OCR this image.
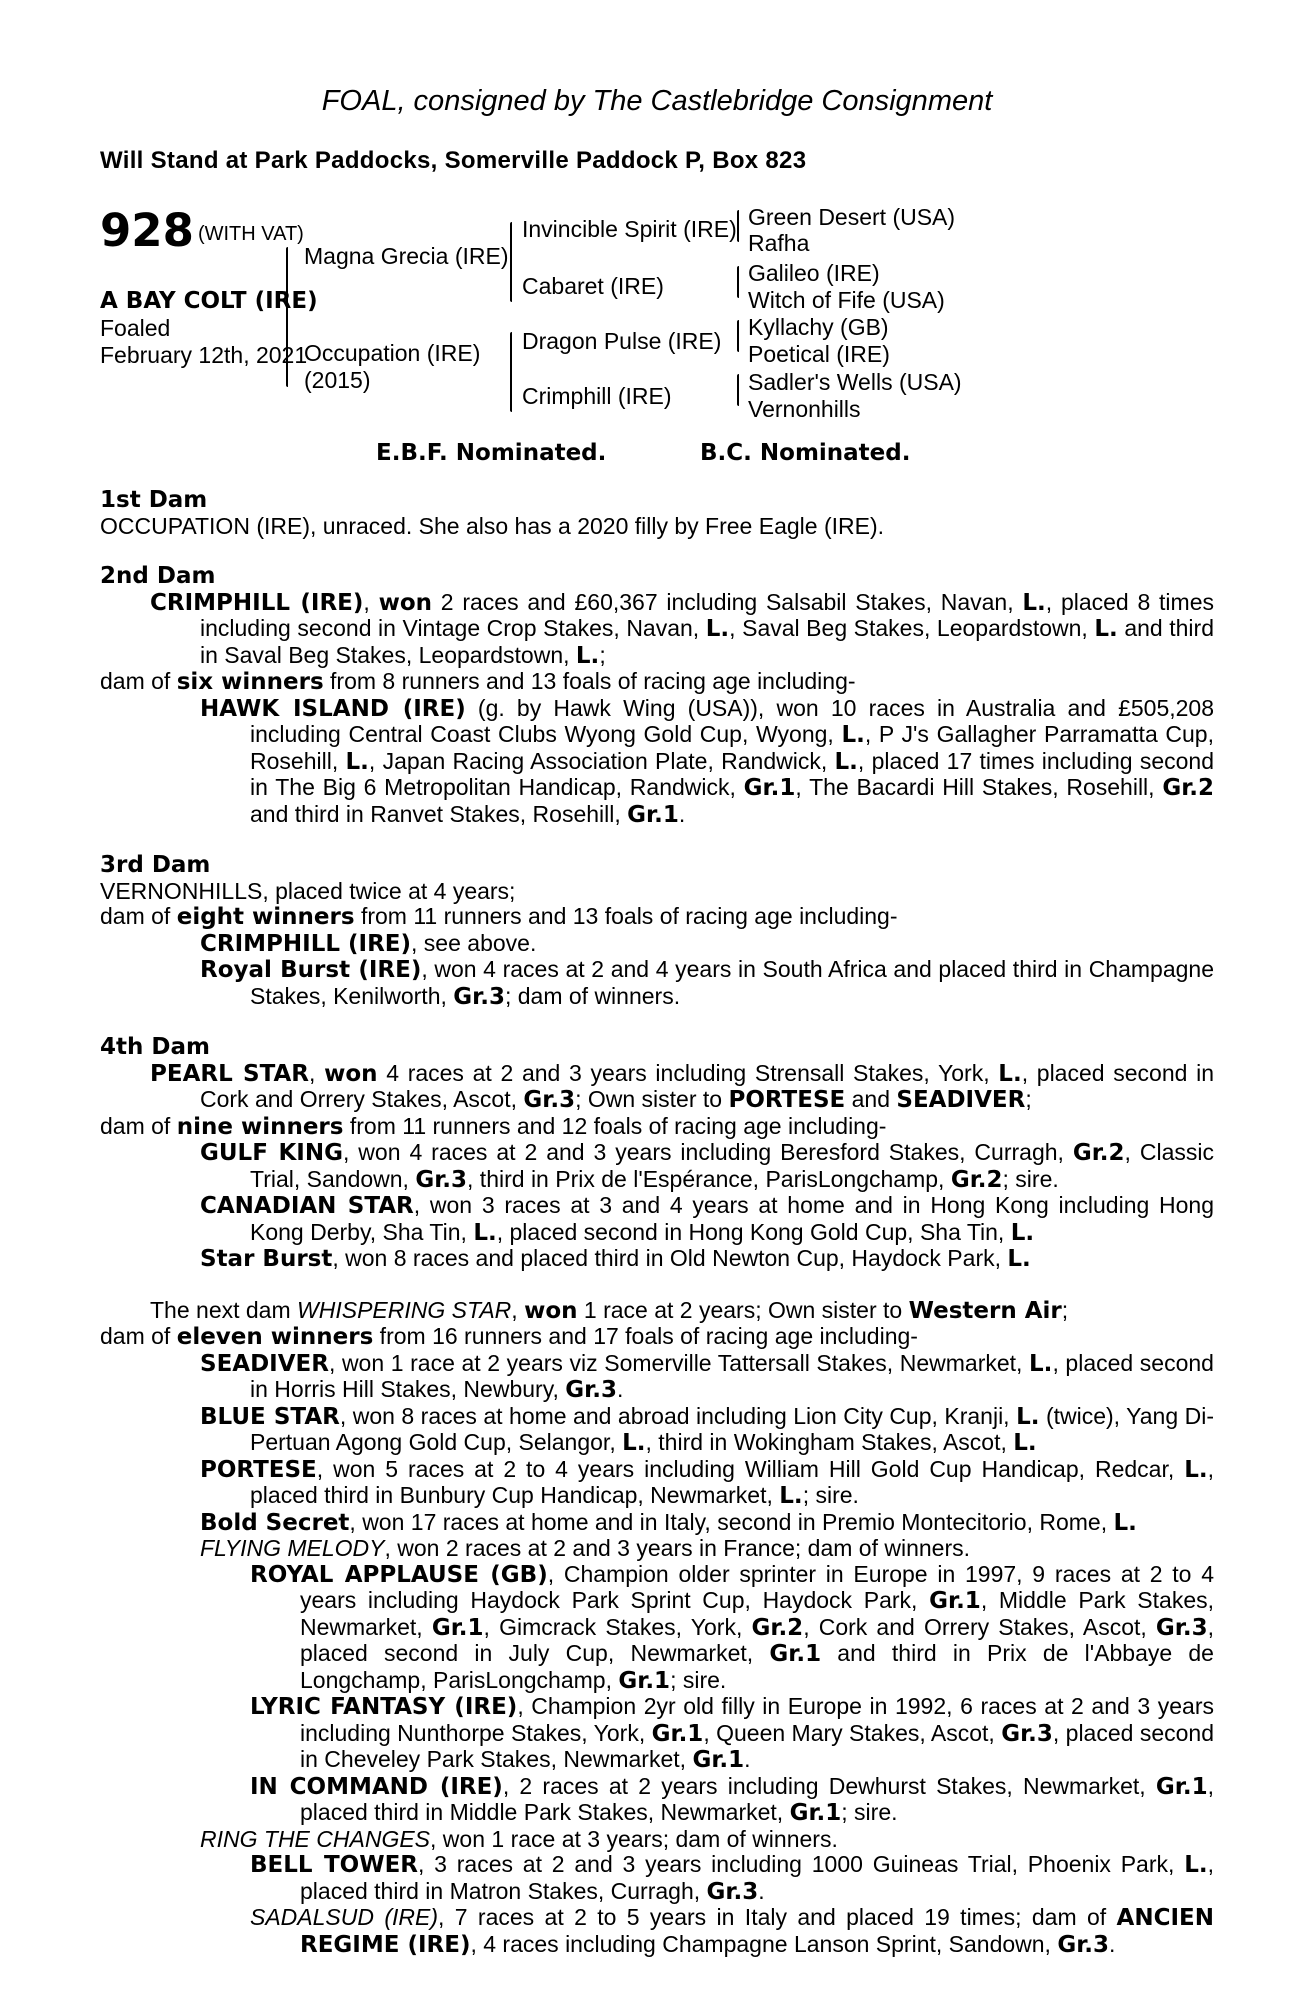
FOAL, consigned by The Castlebridge Consignment
Will Stand at Park Paddocks, Somerville Paddock P, Box 823
928 (WITH VAT)
A BAY COLT (IRE)
Foaled
February 12th, 2021
Magna Grecia (IRE)
Occupation (IRE)
(2015)
Invincible Spirit (IRE)
Cabaret (IRE)
Dragon Pulse (IRE)
Crimphill (IRE)
Green Desert (USA)
Rafha
Galileo (IRE)
Witch of Fife (USA)
Kyllachy (GB)
Poetical (IRE)
Sadler's Wells (USA)
Vernonhills
E.B.F. Nominated.	B.C. Nominated.
1st Dam
OCCUPATION (IRE), unraced. She also has a 2020 filly by Free Eagle (IRE).
2nd Dam
CRIMPHILL (IRE), won 2 races and £60,367 including Salsabil Stakes, Navan, L., placed 8 times including second in Vintage Crop Stakes, Navan, L., Saval Beg Stakes, Leopardstown, L. and third in Saval Beg Stakes, Leopardstown, L.;
dam of six winners from 8 runners and 13 foals of racing age including-
HAWK ISLAND (IRE) (g. by Hawk Wing (USA)), won 10 races in Australia and £505,208 including Central Coast Clubs Wyong Gold Cup, Wyong, L., P J's Gallagher Parramatta Cup, Rosehill, L., Japan Racing Association Plate, Randwick, L., placed 17 times including second in The Big 6 Metropolitan Handicap, Randwick, Gr.1, The Bacardi Hill Stakes, Rosehill, Gr.2 and third in Ranvet Stakes, Rosehill, Gr.1.
3rd Dam
VERNONHILLS, placed twice at 4 years;
dam of eight winners from 11 runners and 13 foals of racing age including-
CRIMPHILL (IRE), see above.
Royal Burst (IRE), won 4 races at 2 and 4 years in South Africa and placed third in Champagne Stakes, Kenilworth, Gr.3; dam of winners.
4th Dam
PEARL STAR, won 4 races at 2 and 3 years including Strensall Stakes, York, L., placed second in Cork and Orrery Stakes, Ascot, Gr.3; Own sister to PORTESE and SEADIVER;
dam of nine winners from 11 runners and 12 foals of racing age including-
GULF KING, won 4 races at 2 and 3 years including Beresford Stakes, Curragh, Gr.2, Classic Trial, Sandown, Gr.3, third in Prix de l'Espérance, ParisLongchamp, Gr.2; sire.
CANADIAN STAR, won 3 races at 3 and 4 years at home and in Hong Kong including Hong Kong Derby, Sha Tin, L., placed second in Hong Kong Gold Cup, Sha Tin, L.
Star Burst, won 8 races and placed third in Old Newton Cup, Haydock Park, L.
The next dam WHISPERING STAR, won 1 race at 2 years; Own sister to Western Air;
dam of eleven winners from 16 runners and 17 foals of racing age including-
SEADIVER, won 1 race at 2 years viz Somerville Tattersall Stakes, Newmarket, L., placed second in Horris Hill Stakes, Newbury, Gr.3.
BLUE STAR, won 8 races at home and abroad including Lion City Cup, Kranji, L. (twice), Yang Di-Pertuan Agong Gold Cup, Selangor, L., third in Wokingham Stakes, Ascot, L.
PORTESE, won 5 races at 2 to 4 years including William Hill Gold Cup Handicap, Redcar, L., placed third in Bunbury Cup Handicap, Newmarket, L.; sire.
Bold Secret, won 17 races at home and in Italy, second in Premio Montecitorio, Rome, L.
FLYING MELODY, won 2 races at 2 and 3 years in France; dam of winners.
ROYAL APPLAUSE (GB), Champion older sprinter in Europe in 1997, 9 races at 2 to 4 years including Haydock Park Sprint Cup, Haydock Park, Gr.1, Middle Park Stakes, Newmarket, Gr.1, Gimcrack Stakes, York, Gr.2, Cork and Orrery Stakes, Ascot, Gr.3, placed second in July Cup, Newmarket, Gr.1 and third in Prix de l'Abbaye de Longchamp, ParisLongchamp, Gr.1; sire.
LYRIC FANTASY (IRE), Champion 2yr old filly in Europe in 1992, 6 races at 2 and 3 years including Nunthorpe Stakes, York, Gr.1, Queen Mary Stakes, Ascot, Gr.3, placed second in Cheveley Park Stakes, Newmarket, Gr.1.
IN COMMAND (IRE), 2 races at 2 years including Dewhurst Stakes, Newmarket, Gr.1, placed third in Middle Park Stakes, Newmarket, Gr.1; sire.
RING THE CHANGES, won 1 race at 3 years; dam of winners.
BELL TOWER, 3 races at 2 and 3 years including 1000 Guineas Trial, Phoenix Park, L., placed third in Matron Stakes, Curragh, Gr.3.
SADALSUD (IRE), 7 races at 2 to 5 years in Italy and placed 19 times; dam of ANCIEN REGIME (IRE), 4 races including Champagne Lanson Sprint, Sandown, Gr.3.
